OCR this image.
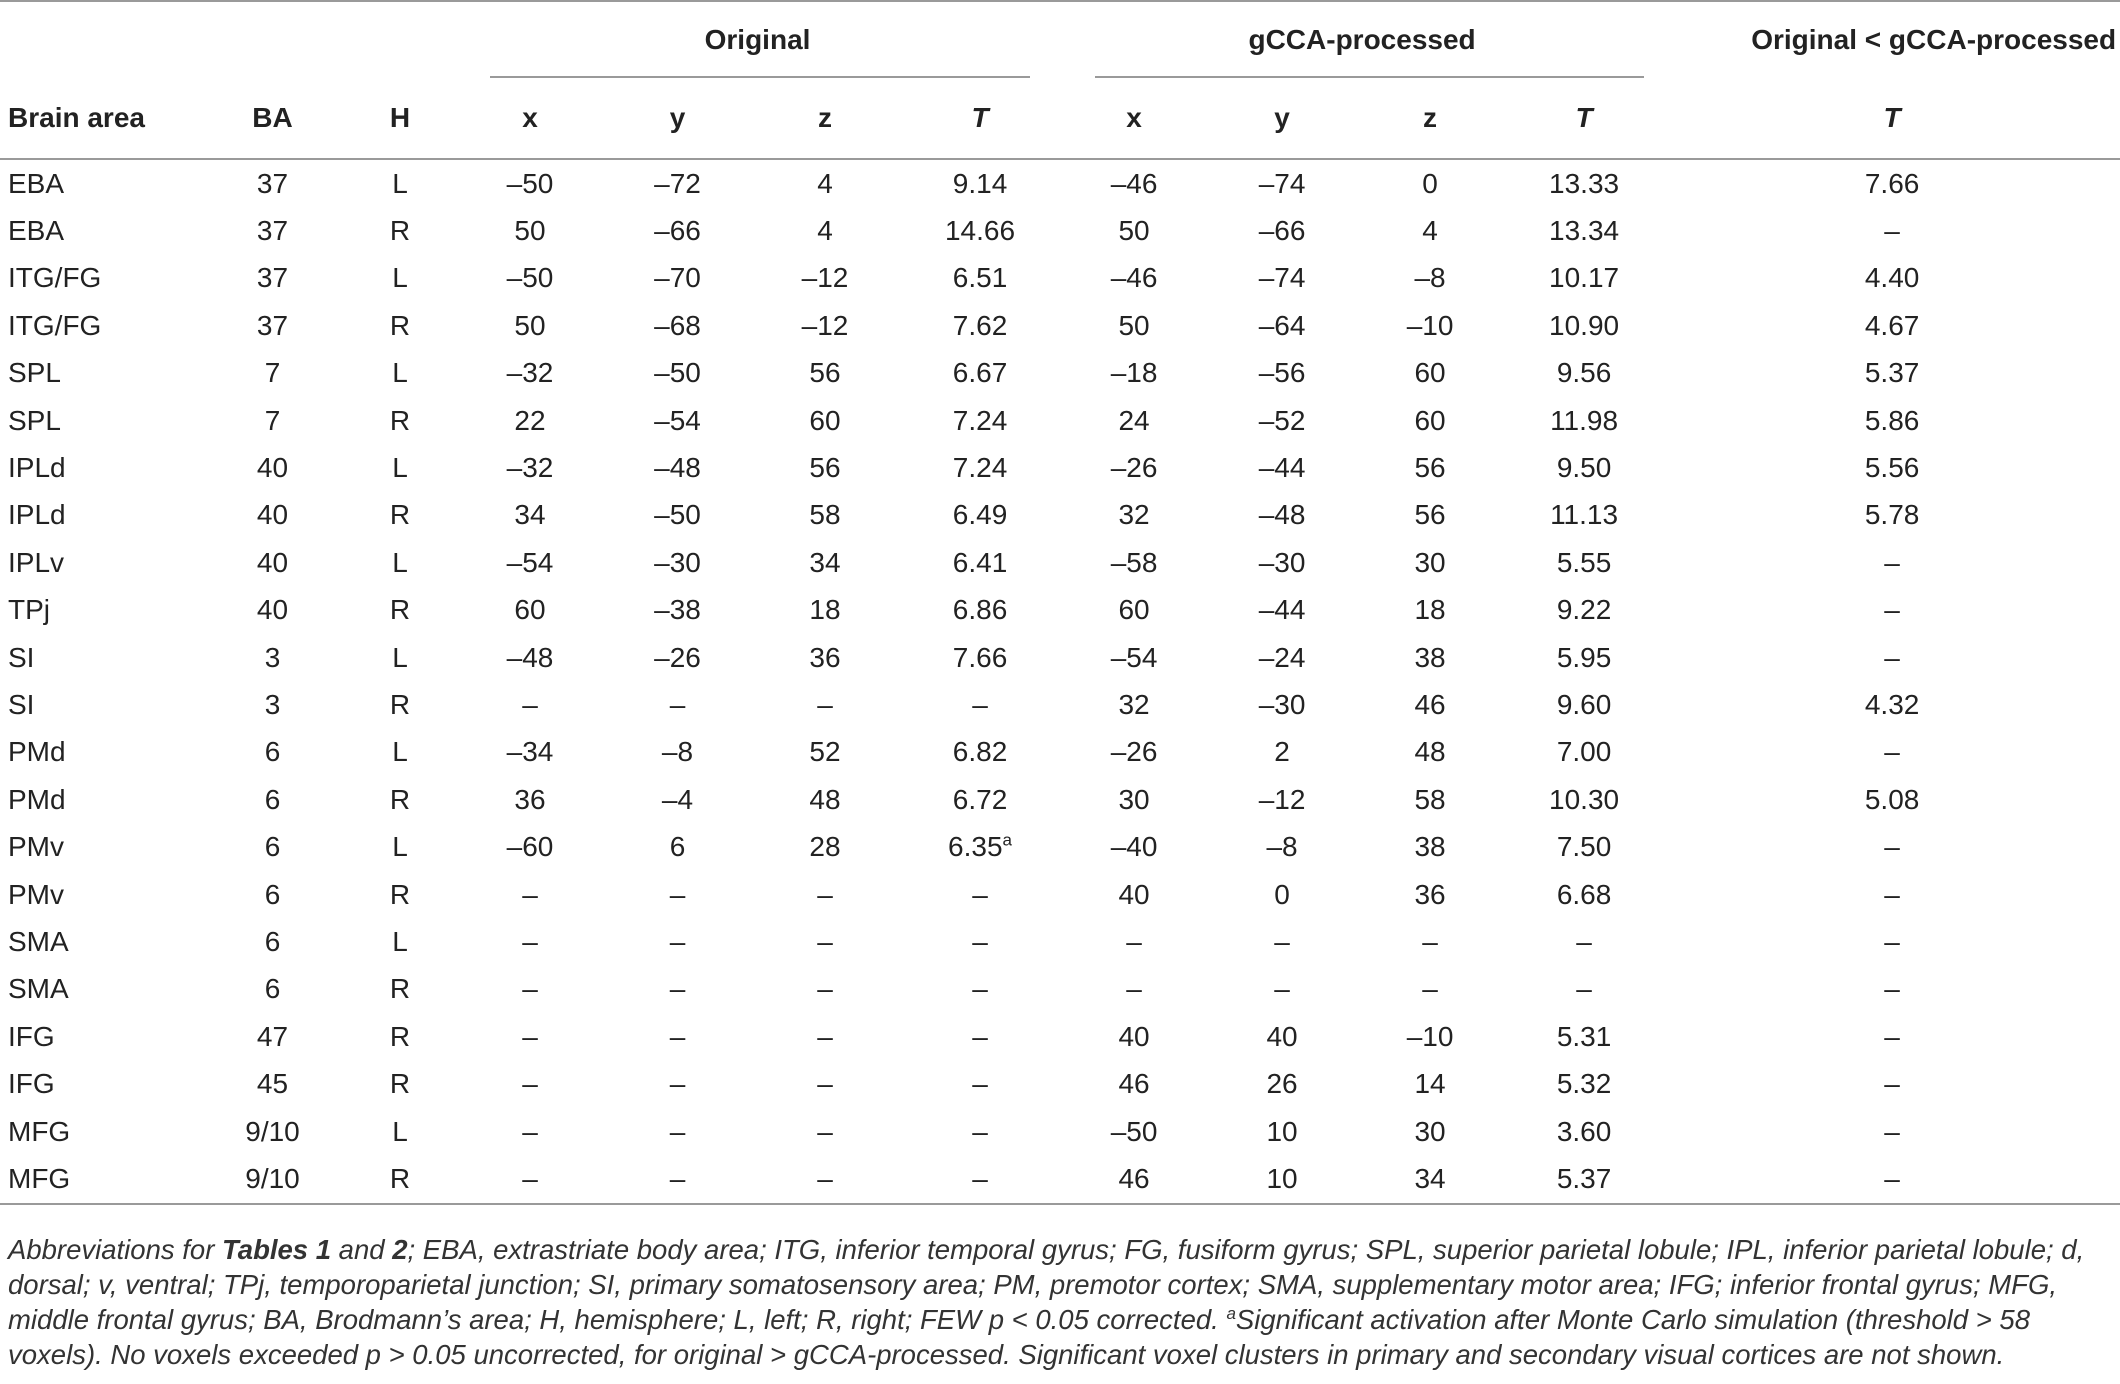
			Original				gCCA-processed				Original < gCCA-processed
Brain area	BA	H	x	y	z	T	x	y	z	T	T
EBA	37	L	–50	–72	4	9.14	–46	–74	0	13.33	7.66
EBA	37	R	50	–66	4	14.66	50	–66	4	13.34	–
ITG/FG	37	L	–50	–70	–12	6.51	–46	–74	–8	10.17	4.40
ITG/FG	37	R	50	–68	–12	7.62	50	–64	–10	10.90	4.67
SPL	7	L	–32	–50	56	6.67	–18	–56	60	9.56	5.37
SPL	7	R	22	–54	60	7.24	24	–52	60	11.98	5.86
IPLd	40	L	–32	–48	56	7.24	–26	–44	56	9.50	5.56
IPLd	40	R	34	–50	58	6.49	32	–48	56	11.13	5.78
IPLv	40	L	–54	–30	34	6.41	–58	–30	30	5.55	–
TPj	40	R	60	–38	18	6.86	60	–44	18	9.22	–
SI	3	L	–48	–26	36	7.66	–54	–24	38	5.95	–
SI	3	R	–	–	–	–	32	–30	46	9.60	4.32
PMd	6	L	–34	–8	52	6.82	–26	2	48	7.00	–
PMd	6	R	36	–4	48	6.72	30	–12	58	10.30	5.08
PMv	6	L	–60	6	28	6.35$^a$	–40	–8	38	7.50	–
PMv	6	R	–	–	–	–	40	0	36	6.68	–
SMA	6	L	–	–	–	–	–	–	–	–	–
SMA	6	R	–	–	–	–	–	–	–	–	–
IFG	47	R	–	–	–	–	40	40	–10	5.31	–
IFG	45	R	–	–	–	–	46	26	14	5.32	–
MFG	9/10	L	–	–	–	–	–50	10	30	3.60	–
MFG	9/10	R	–	–	–	–	46	10	34	5.37	–
Abbreviations for Tables 1 and 2; EBA, extrastriate body area; ITG, inferior temporal gyrus; FG, fusiform gyrus; SPL, superior parietal lobule; IPL, inferior parietal lobule; d, dorsal; v, ventral; TPj, temporoparietal junction; SI, primary somatosensory area; PM, premotor cortex; SMA, supplementary motor area; IFG; inferior frontal gyrus; MFG, middle frontal gyrus; BA, Brodmann’s area; H, hemisphere; L, left; R, right; FEW p < 0.05 corrected. $^a$Significant activation after Monte Carlo simulation (threshold > 58 voxels). No voxels exceeded p > 0.05 uncorrected, for original > gCCA-processed. Significant voxel clusters in primary and secondary visual cortices are not shown.
